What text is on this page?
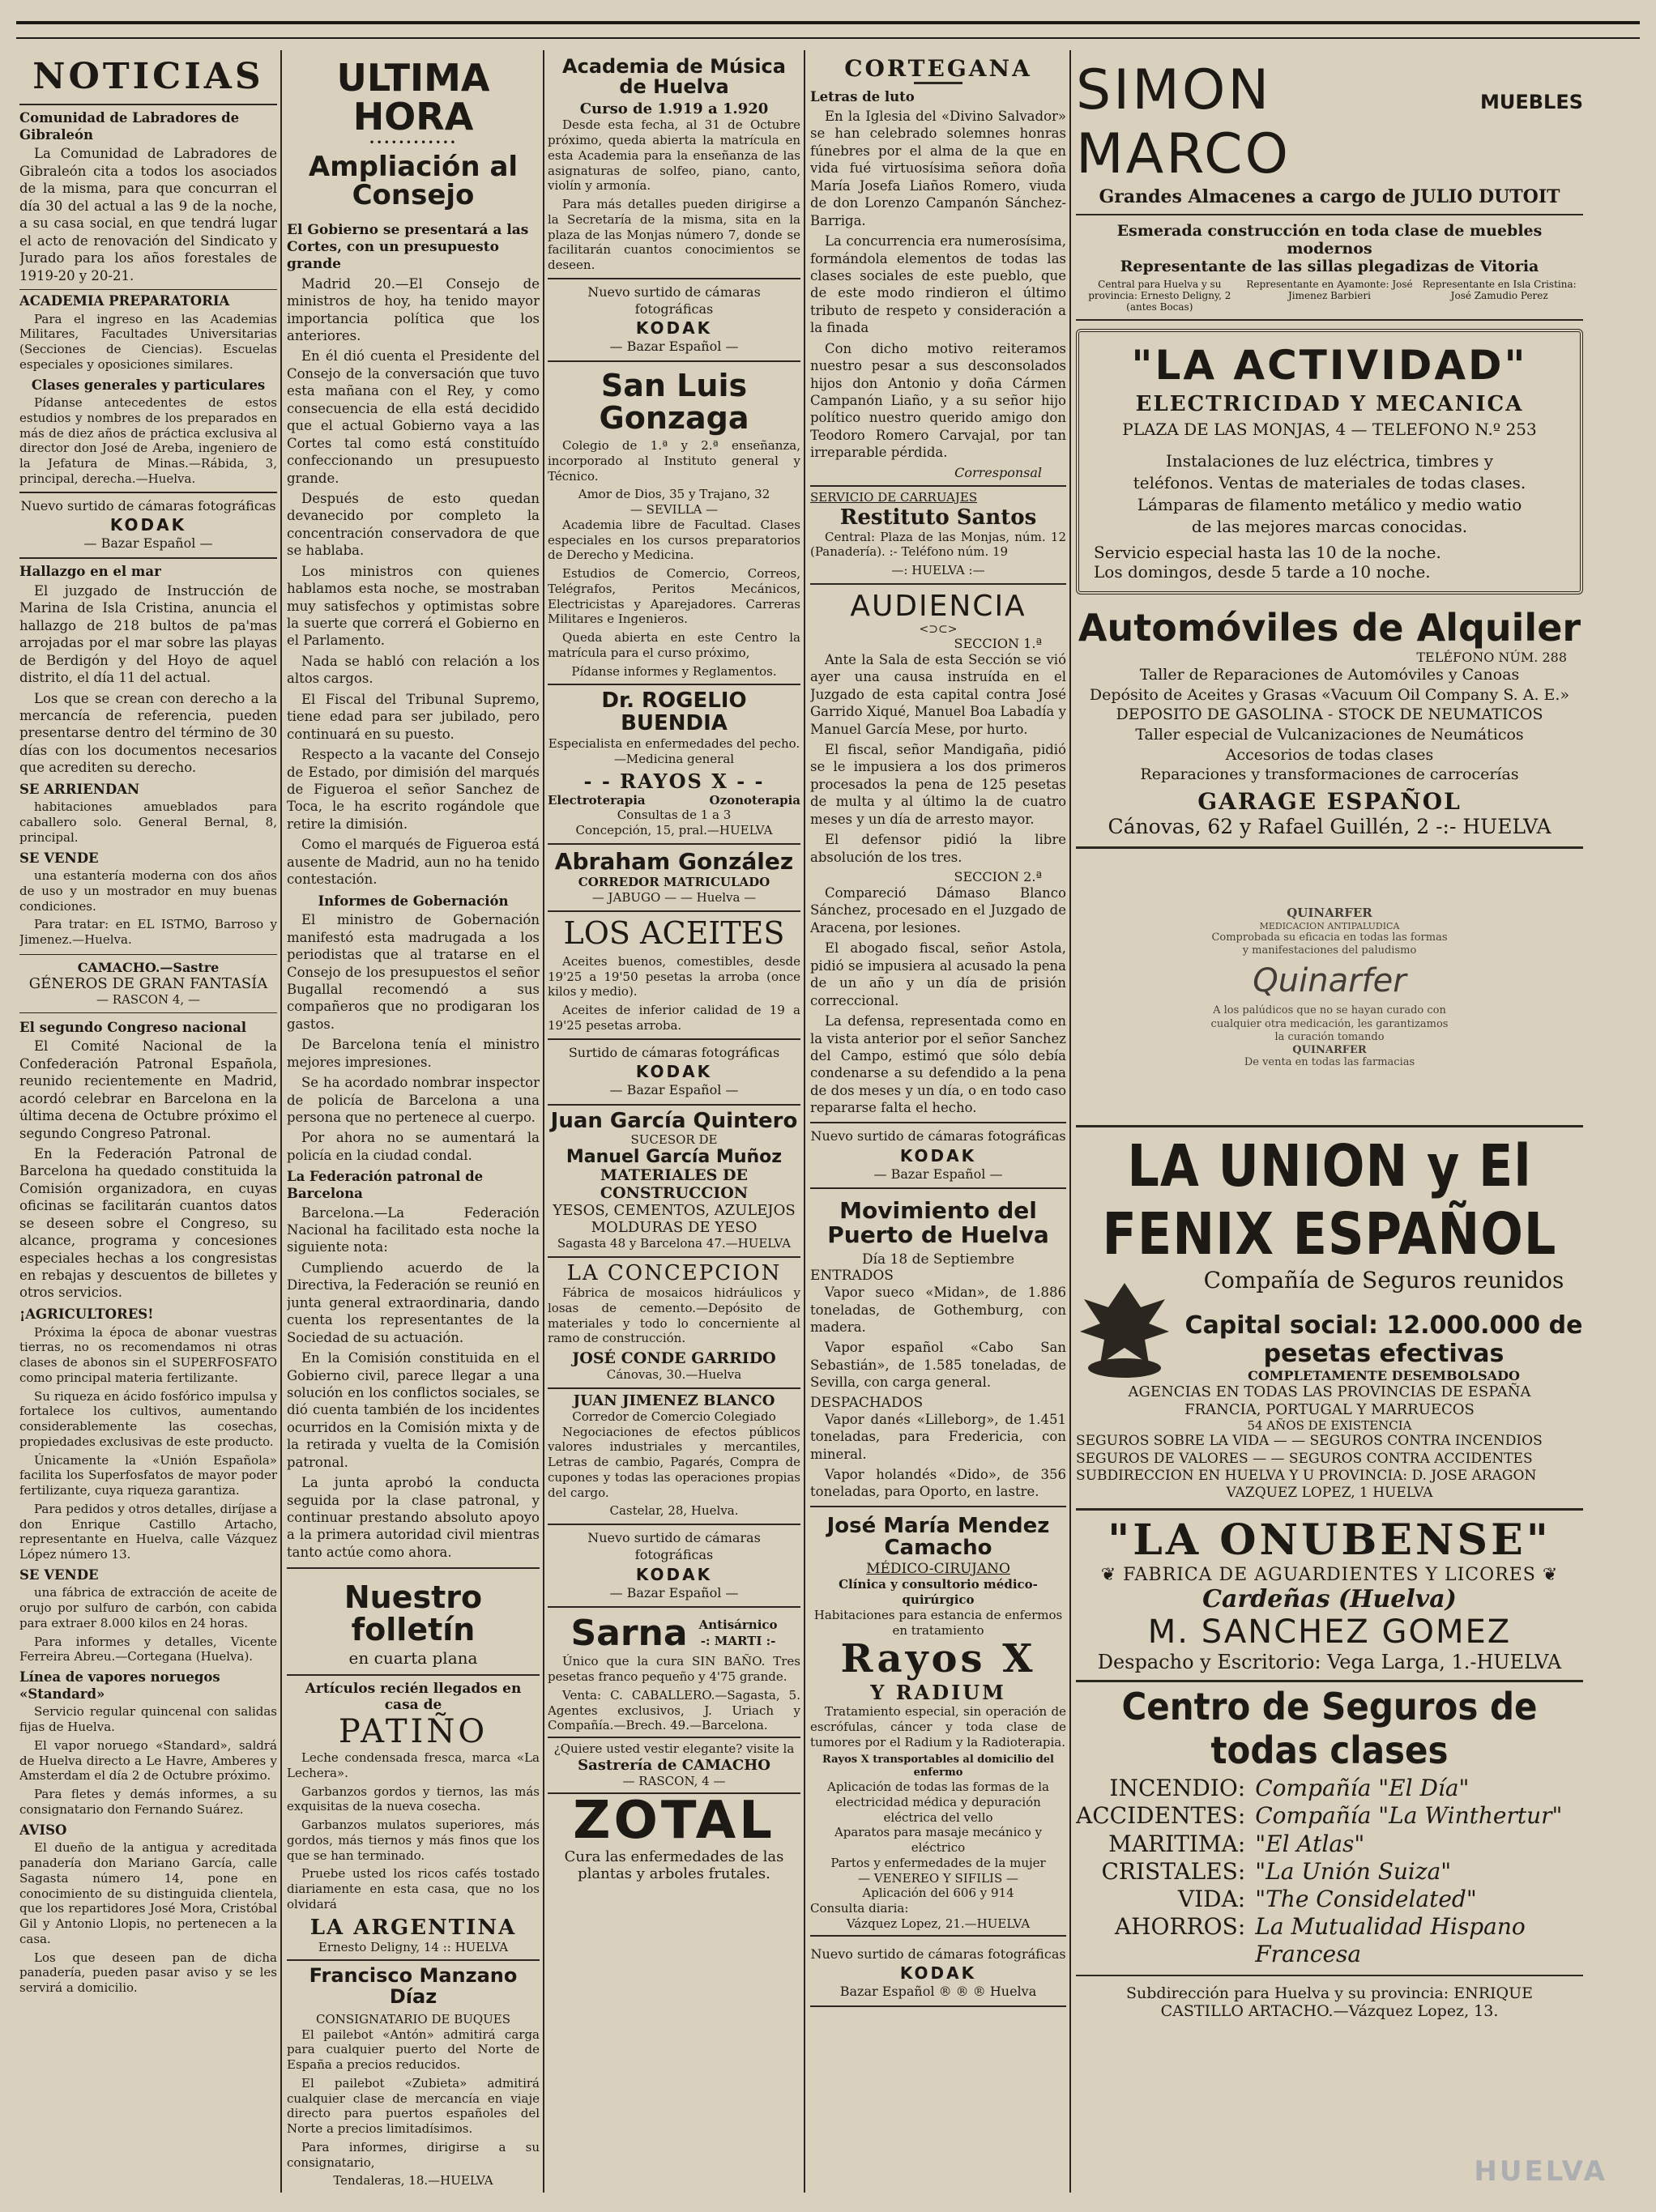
NOTICIAS
Comunidad de Labradores de Gibraleón
La Comunidad de Labradores de Gibraleón cita a todos los asociados de la misma, para que concurran el día 30 del actual a las 9 de la noche, a su casa social, en que tendrá lugar el acto de renovación del Sindicato y Jurado para los años forestales de 1919-20 y 20-21.
ACADEMIA PREPARATORIA
Para el ingreso en las Academias Militares, Facultades Universitarias (Secciones de Ciencias). Escuelas especiales y oposiciones similares.
Clases generales y particulares
Pídanse antecedentes de estos estudios y nombres de los preparados en más de diez años de práctica exclusiva al director don José de Areba, ingeniero de la Jefatura de Minas.—Rábida, 3, principal, derecha.—Huelva.
Nuevo surtido de cámaras fotográficas
KODAK
— Bazar Español —
Hallazgo en el mar
El juzgado de Instrucción de Marina de Isla Cristina, anuncia el hallazgo de 218 bultos de pa'mas arrojadas por el mar sobre las playas de Berdigón y del Hoyo de aquel distrito, el día 11 del actual.
Los que se crean con derecho a la mercancía de referencia, pueden presentarse dentro del término de 30 días con los documentos necesarios que acrediten su derecho.
SE ARRIENDAN
habitaciones amueblados para caballero solo. General Bernal, 8, principal.
SE VENDE
una estantería moderna con dos años de uso y un mostrador en muy buenas condiciones.
Para tratar: en EL ISTMO, Barroso y Jimenez.—Huelva.
CAMACHO.—Sastre
GÉNEROS DE GRAN FANTASÍA
— RASCON 4, —
El segundo Congreso nacional
El Comité Nacional de la Confederación Patronal Española, reunido recientemente en Madrid, acordó celebrar en Barcelona en la última decena de Octubre próximo el segundo Congreso Patronal.
En la Federación Patronal de Barcelona ha quedado constituida la Comisión organizadora, en cuyas oficinas se facilitarán cuantos datos se deseen sobre el Congreso, su alcance, programa y concesiones especiales hechas a los congresistas en rebajas y descuentos de billetes y otros servicios.
¡AGRICULTORES!
Próxima la época de abonar vuestras tierras, no os recomendamos ni otras clases de abonos sin el SUPERFOSFATO como principal materia fertilizante.
Su riqueza en ácido fosfórico impulsa y fortalece los cultivos, aumentando considerablemente las cosechas, propiedades exclusivas de este producto.
Únicamente la «Unión Española» facilita los Superfosfatos de mayor poder fertilizante, cuya riqueza garantiza.
Para pedidos y otros detalles, diríjase a don Enrique Castillo Artacho, representante en Huelva, calle Vázquez López número 13.
SE VENDE
una fábrica de extracción de aceite de orujo por sulfuro de carbón, con cabida para extraer 8.000 kilos en 24 horas.
Para informes y detalles, Vicente Ferreira Abreu.—Cortegana (Huelva).
Línea de vapores noruegos «Standard»
Servicio regular quincenal con salidas fijas de Huelva.
El vapor noruego «Standard», saldrá de Huelva directo a Le Havre, Amberes y Amsterdam el día 2 de Octubre próximo.
Para fletes y demás informes, a su consignatario don Fernando Suárez.
AVISO
El dueño de la antigua y acreditada panadería don Mariano García, calle Sagasta número 14, pone en conocimiento de su distinguida clientela, que los repartidores José Mora, Cristóbal Gil y Antonio Llopis, no pertenecen a la casa.
Los que deseen pan de dicha panadería, pueden pasar aviso y se les servirá a domicilio.
ULTIMA HORA
••••••••••••
Ampliación al Consejo
El Gobierno se presentará a las Cortes, con un presupuesto grande
Madrid 20.—El Consejo de ministros de hoy, ha tenido mayor importancia política que los anteriores.
En él dió cuenta el Presidente del Consejo de la conversación que tuvo esta mañana con el Rey, y como consecuencia de ella está decidido que el actual Gobierno vaya a las Cortes tal como está constituído confeccionando un presupuesto grande.
Después de esto quedan devanecido por completo la concentración conservadora de que se hablaba.
Los ministros con quienes hablamos esta noche, se mostraban muy satisfechos y optimistas sobre la suerte que correrá el Gobierno en el Parlamento.
Nada se habló con relación a los altos cargos.
El Fiscal del Tribunal Supremo, tiene edad para ser jubilado, pero continuará en su puesto.
Respecto a la vacante del Consejo de Estado, por dimisión del marqués de Figueroa el señor Sanchez de Toca, le ha escrito rogándole que retire la dimisión.
Como el marqués de Figueroa está ausente de Madrid, aun no ha tenido contestación.
Informes de Gobernación
El ministro de Gobernación manifestó esta madrugada a los periodistas que al tratarse en el Consejo de los presupuestos el señor Bugallal recomendó a sus compañeros que no prodigaran los gastos.
De Barcelona tenía el ministro mejores impresiones.
Se ha acordado nombrar inspector de policía de Barcelona a una persona que no pertenece al cuerpo.
Por ahora no se aumentará la policía en la ciudad condal.
La Federación patronal de Barcelona
Barcelona.—La Federación Nacional ha facilitado esta noche la siguiente nota:
Cumpliendo acuerdo de la Directiva, la Federación se reunió en junta general extraordinaria, dando cuenta los representantes de la Sociedad de su actuación.
En la Comisión constituida en el Gobierno civil, parece llegar a una solución en los conflictos sociales, se dió cuenta también de los incidentes ocurridos en la Comisión mixta y de la retirada y vuelta de la Comisión patronal.
La junta aprobó la conducta seguida por la clase patronal, y continuar prestando absoluto apoyo a la primera autoridad civil mientras tanto actúe como ahora.
Nuestro folletín
en cuarta plana
Artículos recién llegados en casa de
PATIÑO
Leche condensada fresca, marca «La Lechera».
Garbanzos gordos y tiernos, las más exquisitas de la nueva cosecha.
Garbanzos mulatos superiores, más gordos, más tiernos y más finos que los que se han terminado.
Pruebe usted los ricos cafés tostado diariamente en esta casa, que no los olvidará
LA ARGENTINA
Ernesto Deligny, 14 :: HUELVA
Francisco Manzano Díaz
CONSIGNATARIO DE BUQUES
El pailebot «Antón» admitirá carga para cualquier puerto del Norte de España a precios reducidos.
El pailebot «Zubieta» admitirá cualquier clase de mercancía en viaje directo para puertos españoles del Norte a precios limitadísimos.
Para informes, dirigirse a su consignatario,
Tendaleras, 18.—HUELVA
Academia de Música de Huelva
Curso de 1.919 a 1.920
Desde esta fecha, al 31 de Octubre próximo, queda abierta la matrícula en esta Academia para la enseñanza de las asignaturas de solfeo, piano, canto, violín y armonía.
Para más detalles pueden dirigirse a la Secretaría de la misma, sita en la plaza de las Monjas número 7, donde se facilitarán cuantos conocimientos se deseen.
Nuevo surtido de cámaras fotográficas
KODAK
— Bazar Español —
San Luis Gonzaga
Colegio de 1.ª y 2.ª enseñanza, incorporado al Instituto general y Técnico.
Amor de Dios, 35 y Trajano, 32
— SEVILLA —
Academia libre de Facultad. Clases especiales en los cursos preparatorios de Derecho y Medicina.
Estudios de Comercio, Correos, Telégrafos, Peritos Mecánicos, Electricistas y Aparejadores. Carreras Militares e Ingenieros.
Queda abierta en este Centro la matrícula para el curso próximo,
Pídanse informes y Reglamentos.
Dr. ROGELIO BUENDIA
Especialista en enfermedades del pecho.—Medicina general
- - RAYOS X - -
Electroterapia	Ozonoterapia
Consultas de 1 a 3
Concepción, 15, pral.—HUELVA
Abraham González
CORREDOR MATRICULADO
— JABUGO — — Huelva —
LOS ACEITES
Aceites buenos, comestibles, desde 19'25 a 19'50 pesetas la arroba (once kilos y medio).
Aceites de inferior calidad de 19 a 19'25 pesetas arroba.
Surtido de cámaras fotográficas
KODAK
— Bazar Español —
Juan García Quintero
SUCESOR DE
Manuel García Muñoz
MATERIALES DE CONSTRUCCION
YESOS, CEMENTOS, AZULEJOS
MOLDURAS DE YESO
Sagasta 48 y Barcelona 47.—HUELVA
LA CONCEPCION
Fábrica de mosaicos hidráulicos y losas de cemento.—Depósito de materiales y todo lo concerniente al ramo de construcción.
JOSÉ CONDE GARRIDO
Cánovas, 30.—Huelva
JUAN JIMENEZ BLANCO
Corredor de Comercio Colegiado
Negociaciones de efectos públicos valores industriales y mercantiles, Letras de cambio, Pagarés, Compra de cupones y todas las operaciones propias del cargo.
Castelar, 28, Huelva.
Nuevo surtido de cámaras fotográficas
KODAK
— Bazar Español —
Sarna Antisárnico
-: MARTI :-
Único que la cura SIN BAÑO. Tres pesetas franco pequeño y 4'75 grande.
Venta: C. CABALLERO.—Sagasta, 5. Agentes exclusivos, J. Uriach y Compañía.—Brech. 49.—Barcelona.
¿Quiere usted vestir elegante? visite la
Sastrería de CAMACHO
— RASCON, 4 —
ZOTAL
Cura las enfermedades de las plantas y arboles frutales.
CORTEGANA
Letras de luto
En la Iglesia del «Divino Salvador» se han celebrado solemnes honras fúnebres por el alma de la que en vida fué virtuosísima señora doña María Josefa Liaños Romero, viuda de don Lorenzo Campanón Sánchez-Barriga.
La concurrencia era numerosísima, formándola elementos de todas las clases sociales de este pueblo, que de este modo rindieron el último tributo de respeto y consideración a la finada
Con dicho motivo reiteramos nuestro pesar a sus desconsolados hijos don Antonio y doña Cármen Campanón Liaño, y a su señor hijo político nuestro querido amigo don Teodoro Romero Carvajal, por tan irreparable pérdida.
Corresponsal
SERVICIO DE CARRUAJES
Restituto Santos
Central: Plaza de las Monjas, núm. 12 (Panadería). :- Teléfono núm. 19
—: HUELVA :—
AUDIENCIA
<⊃⊂>
SECCION 1.ª
Ante la Sala de esta Sección se vió ayer una causa instruída en el Juzgado de esta capital contra José Garrido Xiqué, Manuel Boa Labadía y Manuel García Mese, por hurto.
El fiscal, señor Mandigaña, pidió se le impusiera a los dos primeros procesados la pena de 125 pesetas de multa y al último la de cuatro meses y un día de arresto mayor.
El defensor pidió la libre absolución de los tres.
SECCION 2.ª
Compareció Dámaso Blanco Sánchez, procesado en el Juzgado de Aracena, por lesiones.
El abogado fiscal, señor Astola, pidió se impusiera al acusado la pena de un año y un día de prisión correccional.
La defensa, representada como en la vista anterior por el señor Sanchez del Campo, estimó que sólo debía condenarse a su defendido a la pena de dos meses y un día, o en todo caso repararse falta el hecho.
Nuevo surtido de cámaras fotográficas
KODAK
— Bazar Español —
Movimiento del Puerto de Huelva
Día 18 de Septiembre
ENTRADOS
Vapor sueco «Midan», de 1.886 toneladas, de Gothemburg, con madera.
Vapor español «Cabo San Sebastián», de 1.585 toneladas, de Sevilla, con carga general.
DESPACHADOS
Vapor danés «Lilleborg», de 1.451 toneladas, para Fredericia, con mineral.
Vapor holandés «Dido», de 356 toneladas, para Oporto, en lastre.
José María Mendez Camacho
MÉDICO-CIRUJANO
Clínica y consultorio médico-quirúrgico
Habitaciones para estancia de enfermos en tratamiento
Rayos X
Y RADIUM
Tratamiento especial, sin operación de escrófulas, cáncer y toda clase de tumores por el Radium y la Radioterapia.
Rayos X transportables al domicilio del enfermo
Aplicación de todas las formas de la electricidad médica y depuración eléctrica del vello
Aparatos para masaje mecánico y eléctrico
Partos y enfermedades de la mujer
— VENEREO Y SIFILIS —
Aplicación del 606 y 914
Consulta diaria:
Vázquez Lopez, 21.—HUELVA
Nuevo surtido de cámaras fotográficas
KODAK
Bazar Español ® ® ® Huelva
SIMON MARCO
MUEBLES
Grandes Almacenes a cargo de JULIO DUTOIT
Esmerada construcción en toda clase de muebles modernos
Representante de las sillas plegadizas de Vitoria
Central para Huelva y su provincia: Ernesto Deligny, 2 (antes Bocas)
Representante en Ayamonte: José Jimenez Barbieri
Representante en Isla Cristina: José Zamudio Perez
"LA ACTIVIDAD"
ELECTRICIDAD Y MECANICA
PLAZA DE LAS MONJAS, 4 — TELEFONO N.º 253
Instalaciones de luz eléctrica, timbres y teléfonos. Ventas de materiales de todas clases. Lámparas de filamento metálico y medio watio de las mejores marcas conocidas.
Servicio especial hasta las 10 de la noche.
Los domingos, desde 5 tarde a 10 noche.
Automóviles de Alquiler
TELÉFONO NÚM. 288
Taller de Reparaciones de Automóviles y Canoas
Depósito de Aceites y Grasas «Vacuum Oil Company S. A. E.»
DEPOSITO DE GASOLINA - STOCK DE NEUMATICOS
Taller especial de Vulcanizaciones de Neumáticos
Accesorios de todas clases
Reparaciones y transformaciones de carrocerías
GARAGE ESPAÑOL
Cánovas, 62 y Rafael Guillén, 2 -:- HUELVA
QUINARFER
MEDICACION ANTIPALUDICA
Comprobada su eficacia en todas las formas y manifestaciones del paludismo
Quinarfer
A los palúdicos que no se hayan curado con cualquier otra medicación, les garantizamos la curación tomando
QUINARFER
De venta en todas las farmacias
LA UNION y El FENIX ESPAÑOL
Compañía de Seguros reunidos
Capital social: 12.000.000 de pesetas efectivas
COMPLETAMENTE DESEMBOLSADO
AGENCIAS EN TODAS LAS PROVINCIAS DE ESPAÑA
FRANCIA, PORTUGAL Y MARRUECOS
54 AÑOS DE EXISTENCIA
SEGUROS SOBRE LA VIDA — — SEGUROS CONTRA INCENDIOS
SEGUROS DE VALORES — — SEGUROS CONTRA ACCIDENTES
SUBDIRECCION EN HUELVA Y U PROVINCIA: D. JOSE ARAGON
VAZQUEZ LOPEZ, 1 HUELVA
"LA ONUBENSE"
❦ FABRICA DE AGUARDIENTES Y LICORES ❦
Cardeñas (Huelva)
M. SANCHEZ GOMEZ
Despacho y Escritorio: Vega Larga, 1.-HUELVA
Centro de Seguros de todas clases
INCENDIO: Compañía "El Día"
ACCIDENTES: Compañía "La Winthertur"
MARITIMA: "El Atlas"
CRISTALES: "La Unión Suiza"
VIDA: "The Considelated"
AHORROS: La Mutualidad Hispano Francesa
Subdirección para Huelva y su provincia: ENRIQUE CASTILLO ARTACHO.—Vázquez Lopez, 13.
HUELVA
